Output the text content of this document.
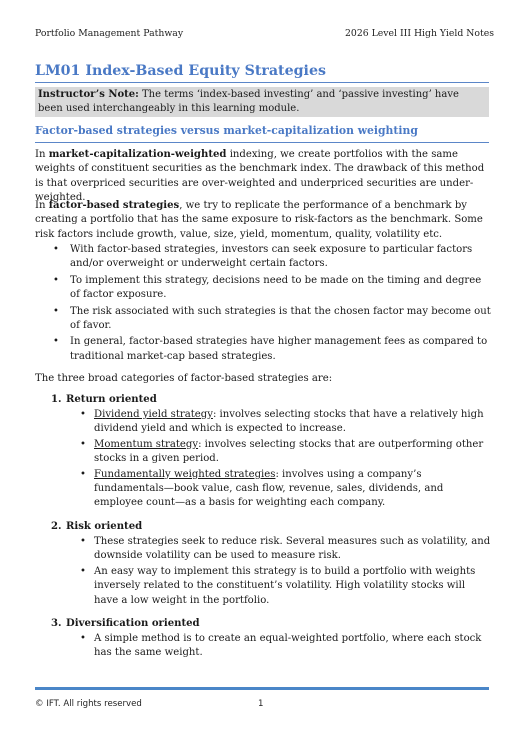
Portfolio Management Pathway	2026 Level III High Yield Notes
LM01 Index-Based Equity Strategies
Instructor’s Note: The terms ‘index-based investing’ and ‘passive investing’ have been used interchangeably in this learning module.
Factor-based strategies versus market-capitalization weighting

In market-capitalization-weighted indexing, we create portfolios with the same weights of constituent securities as the benchmark index. The drawback of this method is that overpriced securities are over-weighted and underpriced securities are under-weighted.

In factor-based strategies, we try to replicate the performance of a benchmark by creating a portfolio that has the same exposure to risk-factors as the benchmark. Some risk factors include growth, value, size, yield, momentum, quality, volatility etc.

• With factor-based strategies, investors can seek exposure to particular factors and/or overweight or underweight certain factors.
• To implement this strategy, decisions need to be made on the timing and degree of factor exposure.
• The risk associated with such strategies is that the chosen factor may become out of favor.
• In general, factor-based strategies have higher management fees as compared to traditional market-cap based strategies.

The three broad categories of factor-based strategies are:

1. Return oriented
• Dividend yield strategy: involves selecting stocks that have a relatively high dividend yield and which is expected to increase.
• Momentum strategy: involves selecting stocks that are outperforming other stocks in a given period.
• Fundamentally weighted strategies: involves using a company’s fundamentals—book value, cash flow, revenue, sales, dividends, and employee count—as a basis for weighting each company.
2. Risk oriented
• These strategies seek to reduce risk. Several measures such as volatility, and downside volatility can be used to measure risk.
• An easy way to implement this strategy is to build a portfolio with weights inversely related to the constituent’s volatility. High volatility stocks will have a low weight in the portfolio.
3. Diversification oriented
• A simple method is to create an equal-weighted portfolio, where each stock has the same weight.
© IFT. All rights reserved	1
